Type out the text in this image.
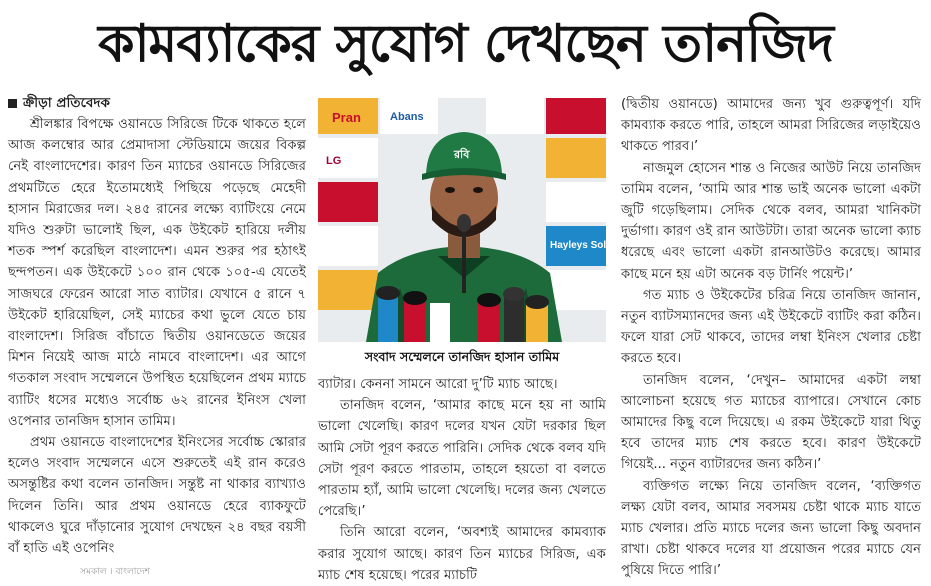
কামব্যাকের সুযোগ দেখছেন তানজিদ
ক্রীড়া প্রতিবেদক

শ্রীলঙ্কার বিপক্ষে ওয়ানডে সিরিজে টিকে থাকতে হলে আজ কলম্বোর আর প্রেমাদাসা স্টেডিয়ামে জয়ের বিকল্প নেই বাংলাদেশের। কারণ তিন ম্যাচের ওয়ানডে সিরিজের প্রথমটিতে হেরে ইতোমধ্যেই পিছিয়ে পড়েছে মেহেদী হাসান মিরাজের দল। ২৪৫ রানের লক্ষ্যে ব্যাটিংয়ে নেমে যদিও শুরুটা ভালোই ছিল, এক উইকেট হারিয়ে দলীয় শতক স্পর্শ করেছিল বাংলাদেশ। এমন শুরুর পর হঠাৎই ছন্দপতন। এক উইকেটে ১০০ রান থেকে ১০৫-এ যেতেই সাজঘরে ফেরেন আরো সাত ব্যাটার। যেখানে ৫ রানে ৭ উইকেট হারিয়েছিল, সেই ম্যাচের কথা ভুলে যেতে চায় বাংলাদেশ। সিরিজ বাঁচাতে দ্বিতীয় ওয়ানডেতে জয়ের মিশন নিয়েই আজ মাঠে নামবে বাংলাদেশ। এর আগে গতকাল সংবাদ সম্মেলনে উপস্থিত হয়েছিলেন প্রথম ম্যাচে ব্যাটিং ধসের মধ্যেও সর্বোচ্চ ৬২ রানের ইনিংস খেলা ওপেনার তানজিদ হাসান তামিম।

প্রথম ওয়ানডে বাংলাদেশের ইনিংসের সর্বোচ্চ স্কোরার হলেও সংবাদ সম্মেলনে এসে শুরুতেই এই রান করেও অসন্তুষ্টির কথা বলেন তানজিদ। সন্তুষ্ট না থাকার ব্যাখ্যাও দিলেন তিনি। আর প্রথম ওয়ানডে হেরে ব্যাকফুটে থাকলেও ঘুরে দাঁড়ানোর সুযোগ দেখছেন ২৪ বছর বয়সী বাঁ হাতি এই ওপেনিং

Pran
LG
Abans
Hayleys Solar
রবি
সংবাদ সম্মেলনে তানজিদ হাসান তামিম

ব্যাটার। কেননা সামনে আরো দু’টি ম্যাচ আছে।

তানজিদ বলেন, ‘আমার কাছে মনে হয় না আমি ভালো খেলেছি। কারণ দলের যখন যেটা দরকার ছিল আমি সেটা পূরণ করতে পারিনি। সেদিক থেকে বলব যদি সেটা পূরণ করতে পারতাম, তাহলে হয়তো বা বলতে পারতাম হ্যাঁ, আমি ভালো খেলেছি। দলের জন্য খেলতে পেরেছি।’

তিনি আরো বলেন, ‘অবশ্যই আমাদের কামব্যাক করার সুযোগ আছে। কারণ তিন ম্যাচের সিরিজ, এক ম্যাচ শেষ হয়েছে। পরের ম্যাচটি

(দ্বিতীয় ওয়ানডে) আমাদের জন্য খুব গুরুত্বপূর্ণ। যদি কামব্যাক করতে পারি, তাহলে আমরা সিরিজের লড়াইয়েও থাকতে পারব।’

নাজমুল হোসেন শান্ত ও নিজের আউট নিয়ে তানজিদ তামিম বলেন, ‘আমি আর শান্ত ভাই অনেক ভালো একটা জুটি গড়েছিলাম। সেদিক থেকে বলব, আমরা খানিকটা দুর্ভাগা। কারণ ওই রান আউটটা। তারা অনেক ভালো ক্যাচ ধরেছে এবং ভালো একটা রানআউটও করেছে। আমার কাছে মনে হয় এটা অনেক বড় টার্নিং পয়েন্ট।’

গত ম্যাচ ও উইকেটের চরিত্র নিয়ে তানজিদ জানান, নতুন ব্যাটসম্যানদের জন্য এই উইকেটে ব্যাটিং করা কঠিন। ফলে যারা সেট থাকবে, তাদের লম্বা ইনিংস খেলার চেষ্টা করতে হবে।

তানজিদ বলেন, ‘দেখুন– আমাদের একটা লম্বা আলোচনা হয়েছে গত ম্যাচের ব্যাপারে। সেখানে কোচ আমাদের কিছু বলে দিয়েছে। এ রকম উইকেটে যারা থিতু হবে তাদের ম্যাচ শেষ করতে হবে। কারণ উইকেটে গিয়েই... নতুন ব্যাটারদের জন্য কঠিন।’

ব্যক্তিগত লক্ষ্যে নিয়ে তানজিদ বলেন, ‘ব্যক্তিগত লক্ষ্য যেটা বলব, আমার সবসময় চেষ্টা থাকে ম্যাচ যাতে ম্যাচ খেলার। প্রতি ম্যাচে দলের জন্য ভালো কিছু অবদান রাখা। চেষ্টা থাকবে দলের যা প্রয়োজন পরের ম্যাচে যেন পুষিয়ে দিতে পারি।’

সমকাল । বাংলাদেশ
